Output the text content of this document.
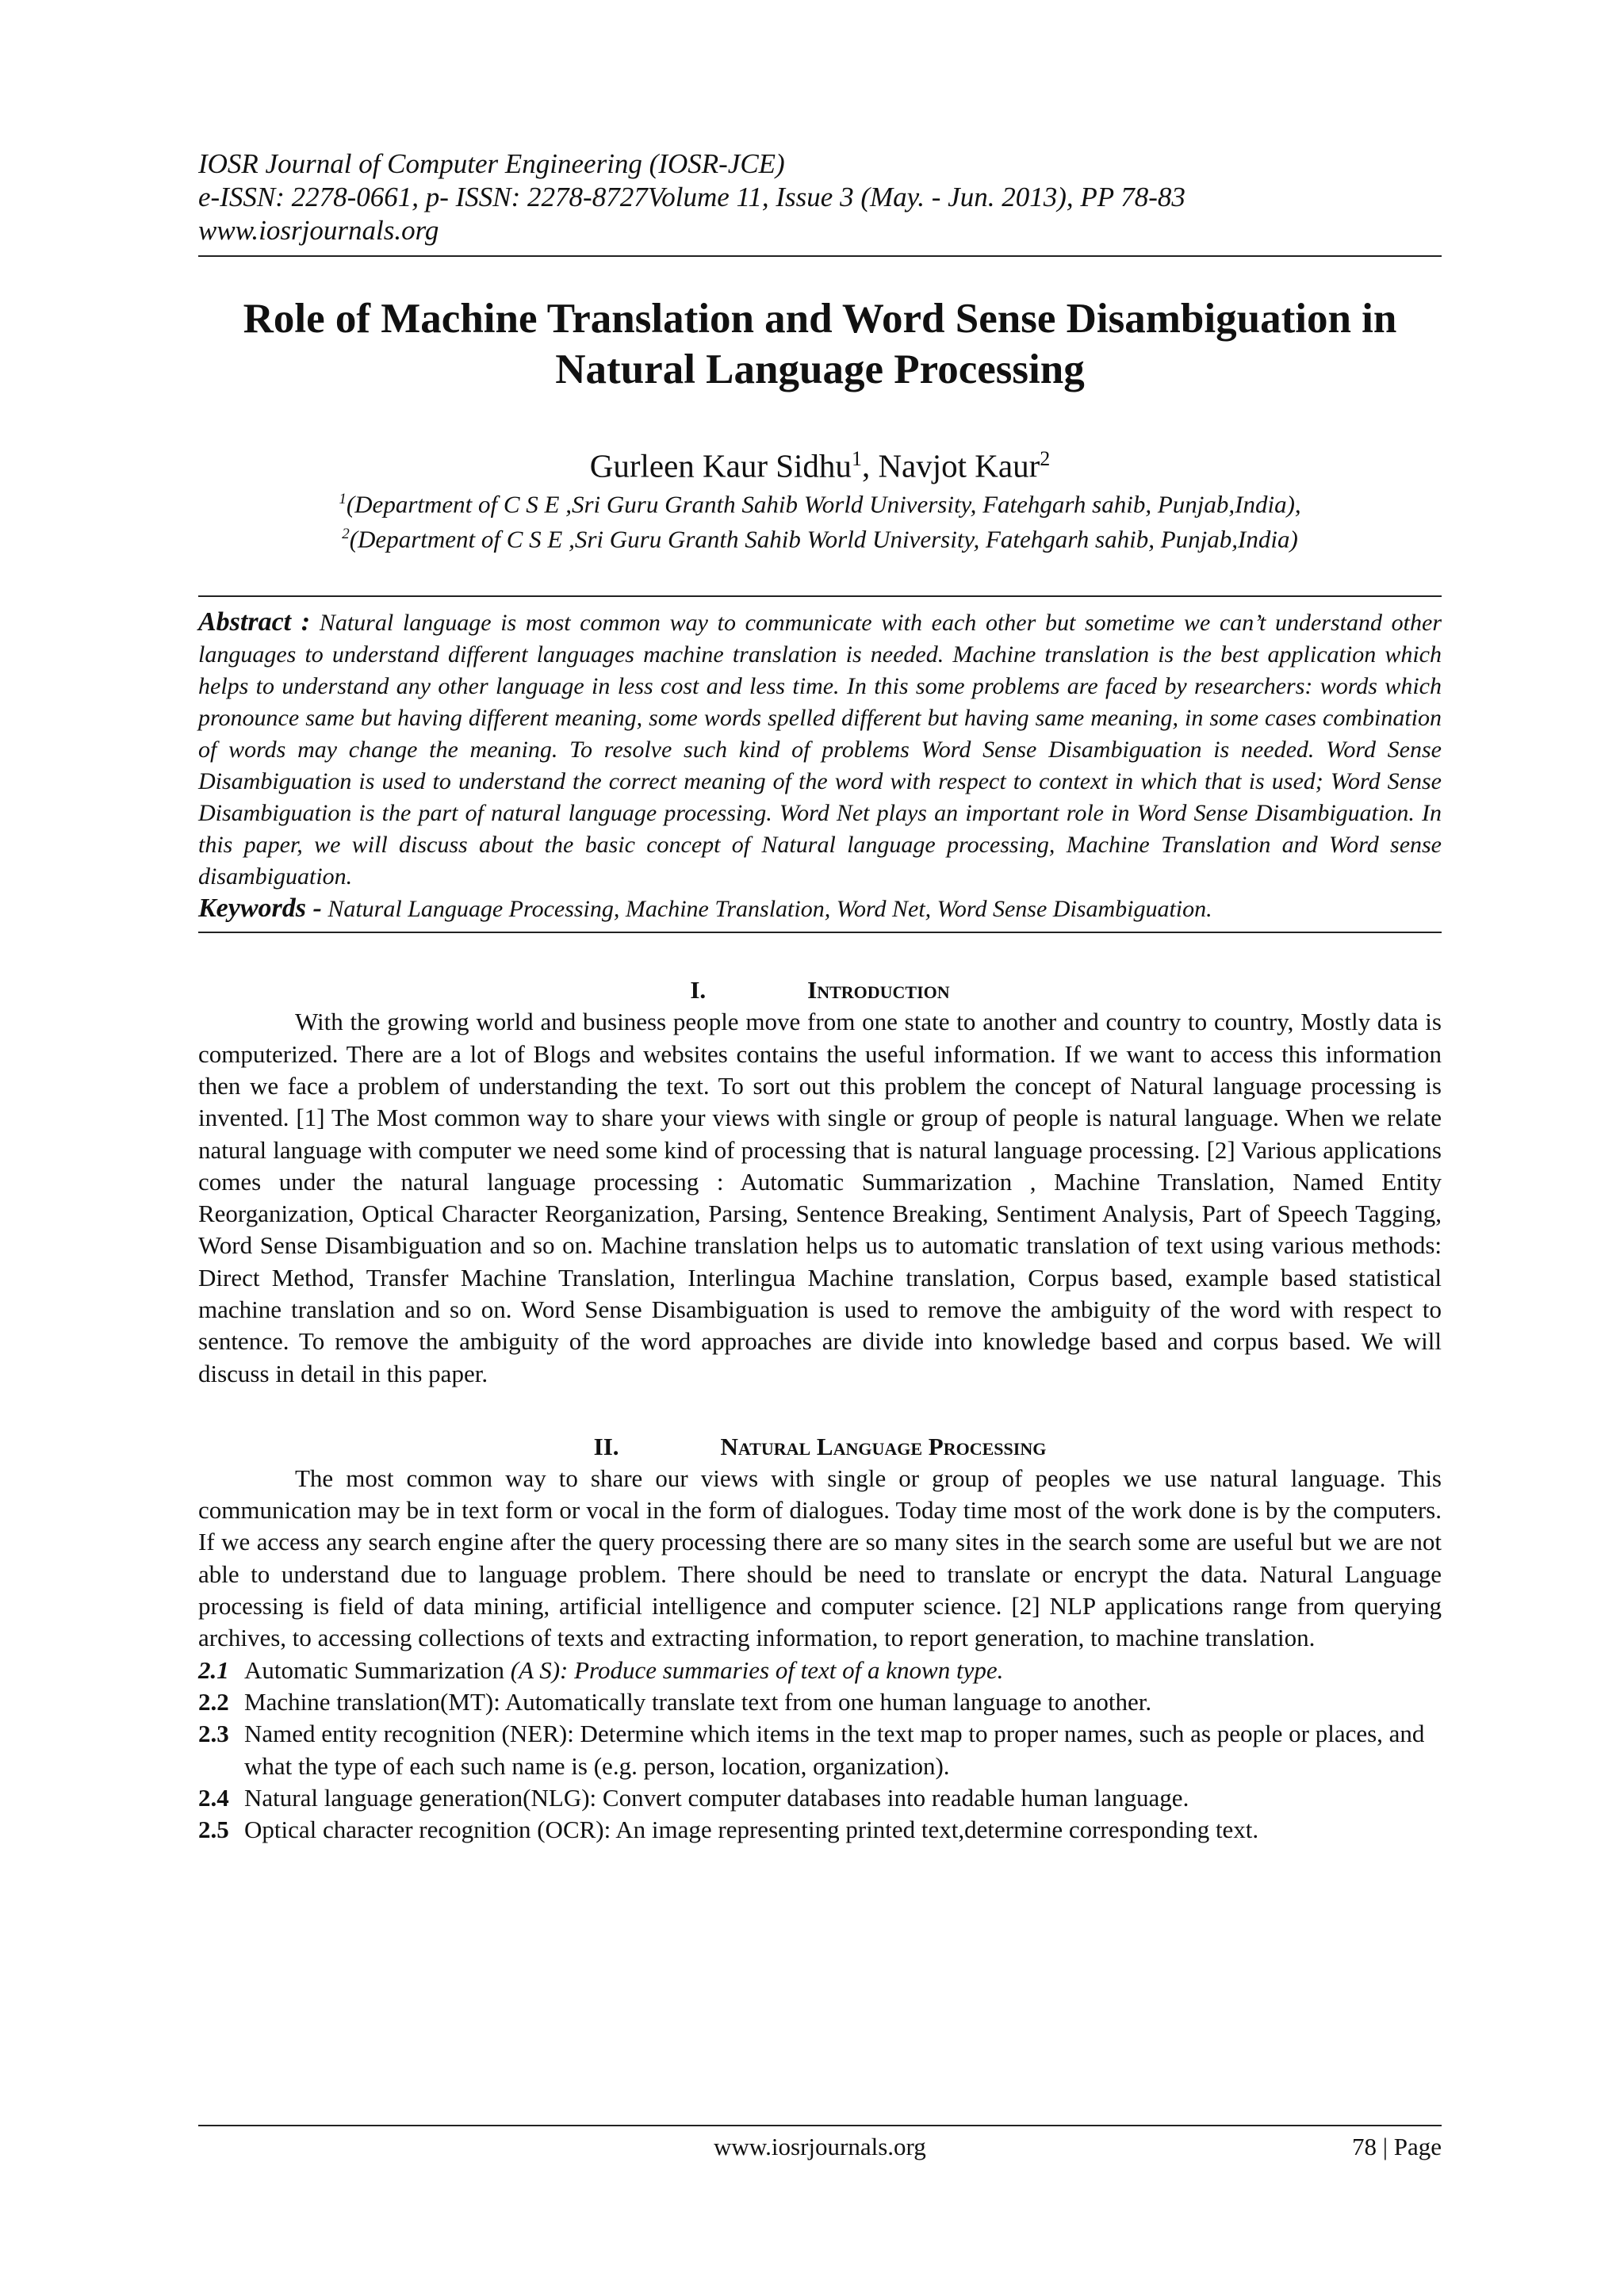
IOSR Journal of Computer Engineering (IOSR-JCE)
e-ISSN: 2278-0661, p- ISSN: 2278-8727Volume 11, Issue 3 (May. - Jun. 2013), PP 78-83
www.iosrjournals.org
Role of Machine Translation and Word Sense Disambiguation in
Natural Language Processing
Gurleen Kaur Sidhu$^1$, Navjot Kaur$^2$
$^1$(Department of C S E ,Sri Guru Granth Sahib World University, Fatehgarh sahib, Punjab,India),
$^2$(Department of C S E ,Sri Guru Granth Sahib World University, Fatehgarh sahib, Punjab,India)
Abstract : Natural language is most common way to communicate with each other but sometime we can’t understand other languages to understand different languages machine translation is needed. Machine translation is the best application which helps to understand any other language in less cost and less time. In this some problems are faced by researchers: words which pronounce same but having different meaning, some words spelled different but having same meaning, in some cases combination of words may change the meaning. To resolve such kind of problems Word Sense Disambiguation is needed. Word Sense Disambiguation is used to understand the correct meaning of the word with respect to context in which that is used; Word Sense Disambiguation is the part of natural language processing. Word Net plays an important role in Word Sense Disambiguation. In this paper, we will discuss about the basic concept of Natural language processing, Machine Translation and Word sense disambiguation.
Keywords - Natural Language Processing, Machine Translation, Word Net, Word Sense Disambiguation.
I.	Introduction
With the growing world and business people move from one state to another and country to country, Mostly data is computerized. There are a lot of Blogs and websites contains the useful information. If we want to access this information then we face a problem of understanding the text. To sort out this problem the concept of Natural language processing is invented. [1] The Most common way to share your views with single or group of people is natural language. When we relate natural language with computer we need some kind of processing that is natural language processing. [2] Various applications comes under the natural language processing : Automatic Summarization , Machine Translation, Named Entity Reorganization, Optical Character Reorganization, Parsing, Sentence Breaking, Sentiment Analysis, Part of Speech Tagging, Word Sense Disambiguation and so on. Machine translation helps us to automatic translation of text using various methods: Direct Method, Transfer Machine Translation, Interlingua Machine translation, Corpus based, example based statistical machine translation and so on. Word Sense Disambiguation is used to remove the ambiguity of the word with respect to sentence. To remove the ambiguity of the word approaches are divide into knowledge based and corpus based. We will discuss in detail in this paper.
II.	Natural Language Processing
The most common way to share our views with single or group of peoples we use natural language. This communication may be in text form or vocal in the form of dialogues. Today time most of the work done is by the computers. If we access any search engine after the query processing there are so many sites in the search some are useful but we are not able to understand due to language problem. There should be need to translate or encrypt the data. Natural Language processing is field of data mining, artificial intelligence and computer science. [2] NLP applications range from querying archives, to accessing collections of texts and extracting information, to report generation, to machine translation.
2.1 Automatic Summarization (A S): Produce summaries of text of a known type.
2.2 Machine translation(MT): Automatically translate text from one human language to another.
2.3 Named entity recognition (NER): Determine which items in the text map to proper names, such as people or places, and what the type of each such name is (e.g. person, location, organization).
2.4 Natural language generation(NLG): Convert computer databases into readable human language.
2.5 Optical character recognition (OCR): An image representing printed text,determine corresponding text.
www.iosrjournals.org	78 | Page
